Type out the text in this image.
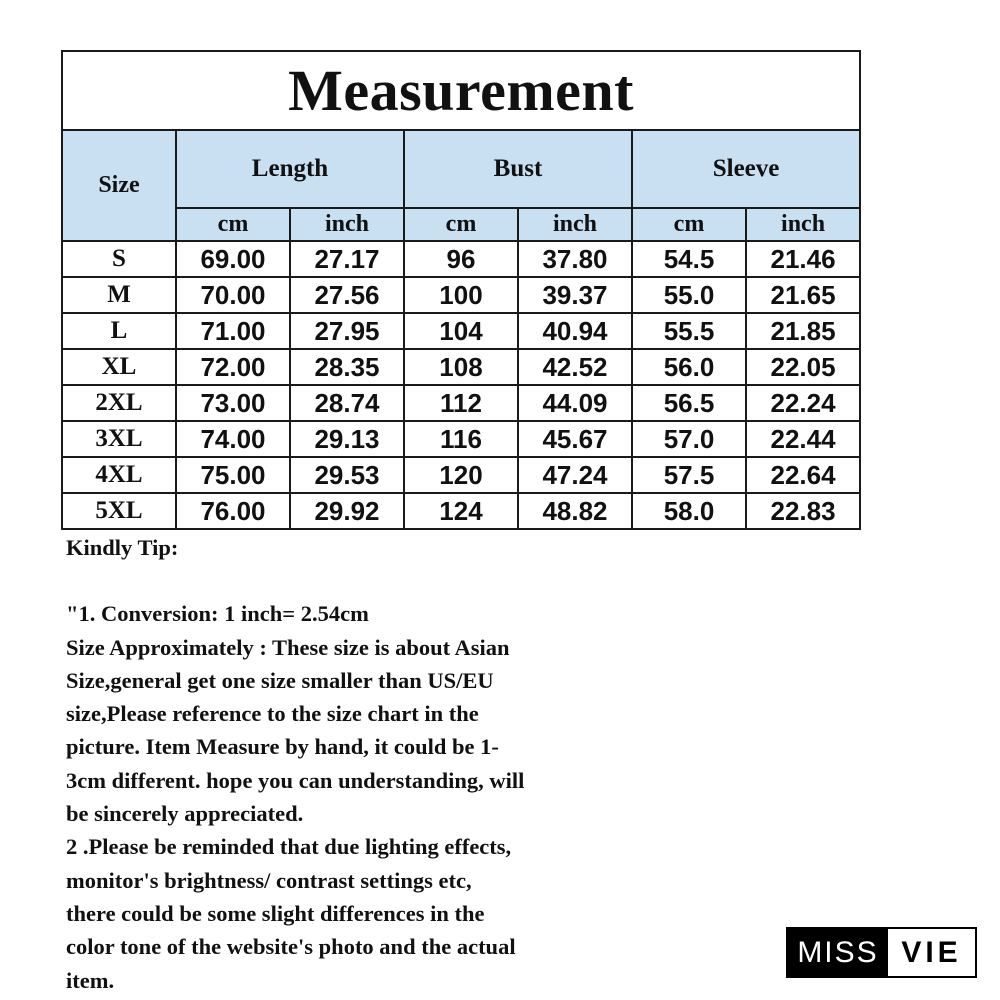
Measurement						
Size	Length		Bust		Sleeve	
	cm	inch	cm	inch	cm	inch
S	69.00	27.17	96	37.80	54.5	21.46
M	70.00	27.56	100	39.37	55.0	21.65
L	71.00	27.95	104	40.94	55.5	21.85
XL	72.00	28.35	108	42.52	56.0	22.05
2XL	73.00	28.74	112	44.09	56.5	22.24
3XL	74.00	29.13	116	45.67	57.0	22.44
4XL	75.00	29.53	120	47.24	57.5	22.64
5XL	76.00	29.92	124	48.82	58.0	22.83
Kindly Tip:
"1. Conversion: 1 inch= 2.54cm
Size Approximately : These size is about Asian
Size,general get one size smaller than US/EU
size,Please reference to the size chart in the
picture. Item Measure by hand, it could be 1-
3cm different. hope you can understanding, will
be sincerely appreciated.
2 .Please be reminded that due lighting effects,
monitor's brightness/ contrast settings etc,
there could be some slight differences in the
color tone of the website's photo and the actual
item.
MISS VIE
